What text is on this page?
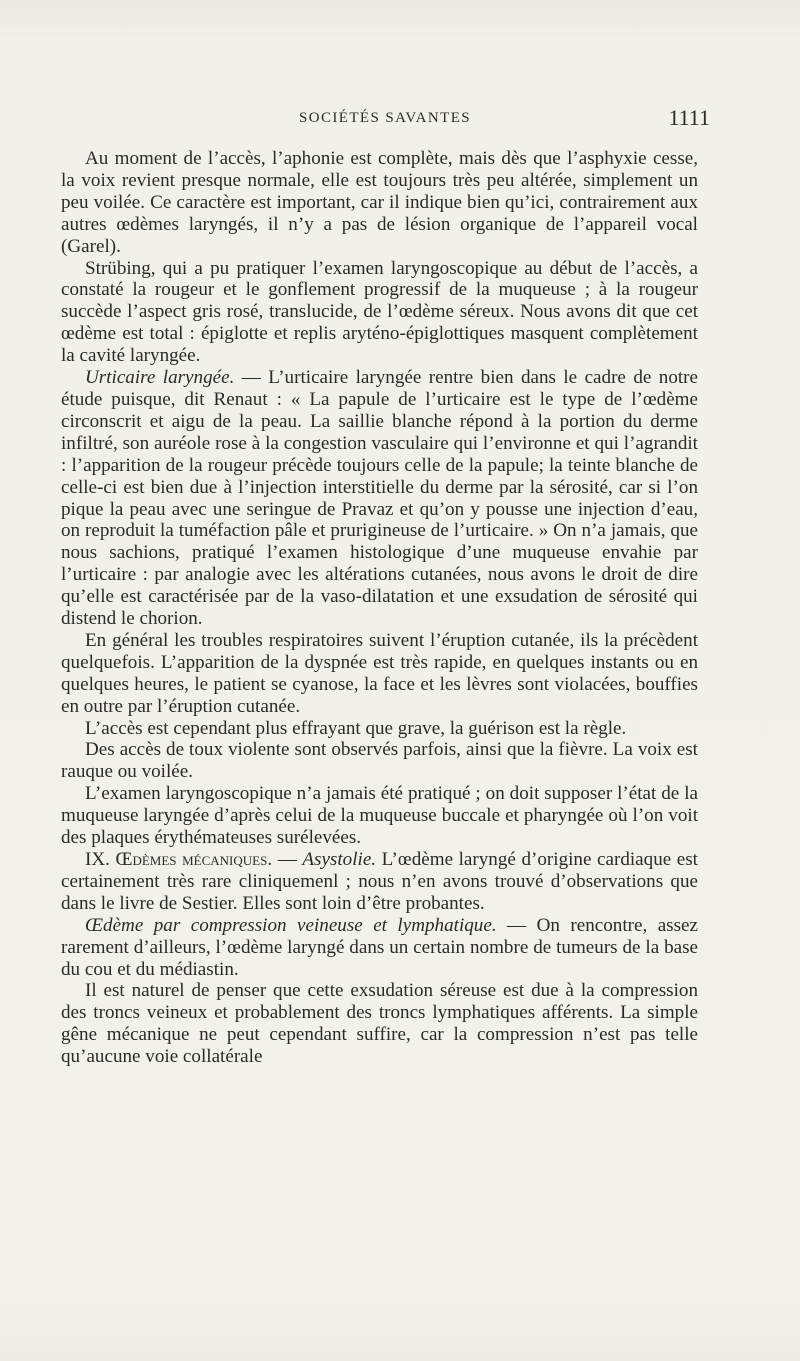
SOCIÉTÉS SAVANTES	1111

Au moment de l’accès, l’aphonie est complète, mais dès que l’asphyxie cesse, la voix revient presque normale, elle est toujours très peu altérée, simplement un peu voilée. Ce caractère est important, car il indique bien qu’ici, contrairement aux autres œdèmes laryngés, il n’y a pas de lésion organique de l’appareil vocal (Garel).

Strübing, qui a pu pratiquer l’examen laryngoscopique au début de l’accès, a constaté la rougeur et le gonflement progressif de la muqueuse ; à la rougeur succède l’aspect gris rosé, translucide, de l’œdème séreux. Nous avons dit que cet œdème est total : épiglotte et replis aryténo-épiglottiques masquent complètement la cavité laryngée.

Urticaire laryngée. — L’urticaire laryngée rentre bien dans le cadre de notre étude puisque, dit Renaut : « La papule de l’urticaire est le type de l’œdème circonscrit et aigu de la peau. La saillie blanche répond à la portion du derme infiltré, son auréole rose à la congestion vasculaire qui l’environne et qui l’agrandit : l’apparition de la rougeur précède toujours celle de la papule; la teinte blanche de celle-ci est bien due à l’injection interstitielle du derme par la sérosité, car si l’on pique la peau avec une seringue de Pravaz et qu’on y pousse une injection d’eau, on reproduit la tuméfaction pâle et prurigineuse de l’urticaire. » On n’a jamais, que nous sachions, pratiqué l’examen histologique d’une muqueuse envahie par l’urticaire : par analogie avec les altérations cutanées, nous avons le droit de dire qu’elle est caractérisée par de la vaso-dilatation et une exsudation de sérosité qui distend le chorion.

En général les troubles respiratoires suivent l’éruption cutanée, ils la précèdent quelquefois. L’apparition de la dyspnée est très rapide, en quelques instants ou en quelques heures, le patient se cyanose, la face et les lèvres sont violacées, bouffies en outre par l’éruption cutanée.

L’accès est cependant plus effrayant que grave, la guérison est la règle.

Des accès de toux violente sont observés parfois, ainsi que la fièvre. La voix est rauque ou voilée.

L’examen laryngoscopique n’a jamais été pratiqué ; on doit supposer l’état de la muqueuse laryngée d’après celui de la muqueuse buccale et pharyngée où l’on voit des plaques érythémateuses surélevées.

IX. Œdèmes mécaniques. — Asystolie. L’œdème laryngé d’origine cardiaque est certainement très rare cliniquemenl ; nous n’en avons trouvé d’observations que dans le livre de Sestier. Elles sont loin d’être probantes.

Œdème par compression veineuse et lymphatique. — On rencontre, assez rarement d’ailleurs, l’œdème laryngé dans un certain nombre de tumeurs de la base du cou et du médiastin.

Il est naturel de penser que cette exsudation séreuse est due à la compression des troncs veineux et probablement des troncs lymphatiques afférents. La simple gêne mécanique ne peut cependant suffire, car la compression n’est pas telle qu’aucune voie collatérale
